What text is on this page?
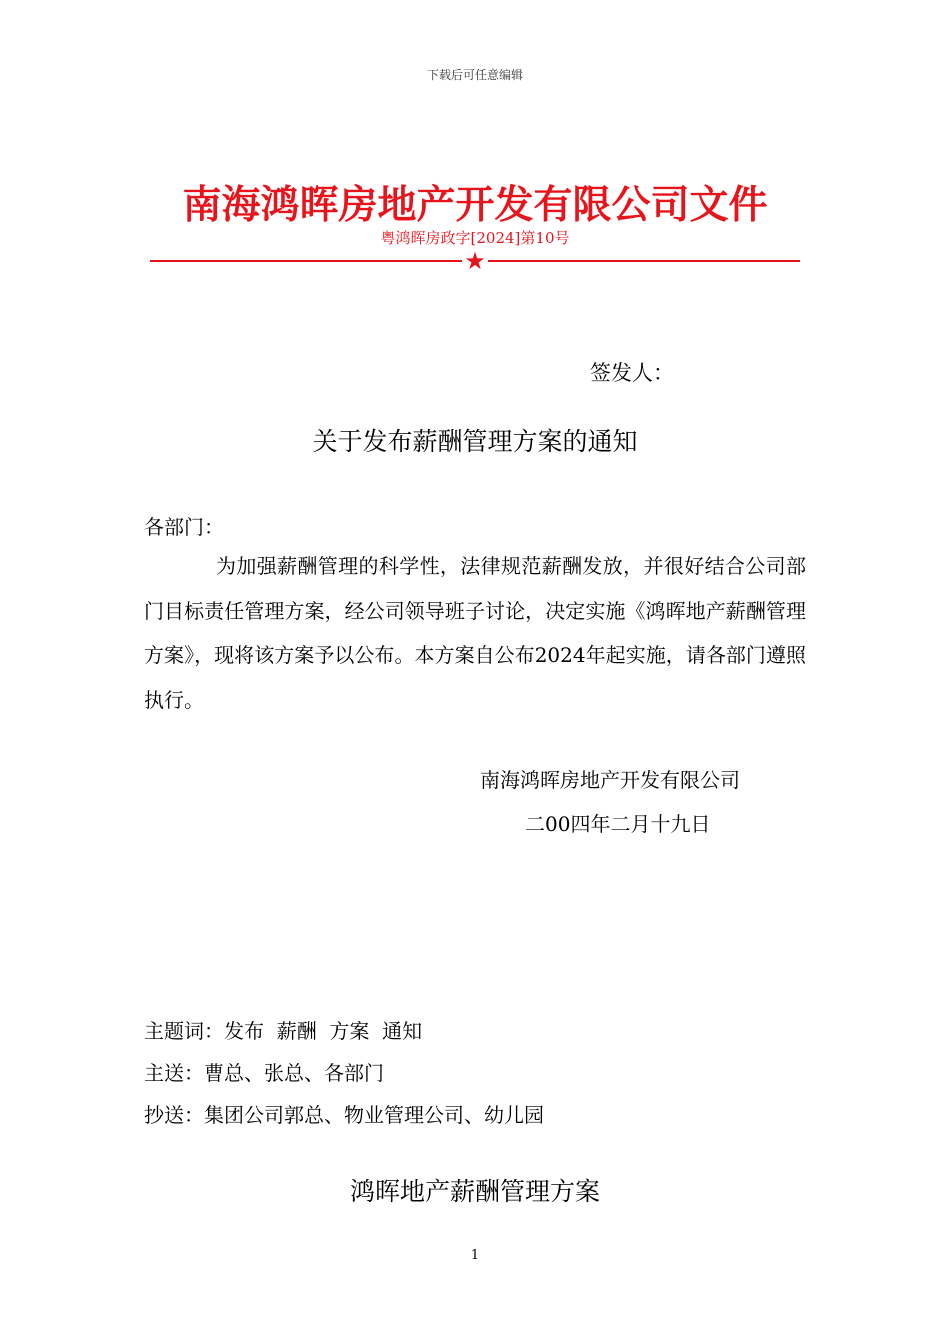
下载后可任意编辑
南海鸿晖房地产开发有限公司文件
粤鸿晖房政字[2024]第10号
★
签发人：
关于发布薪酬管理方案的通知
各部门：
为加强薪酬管理的科学性，法律规范薪酬发放，并很好结合公司部门目标责任管理方案，经公司领导班子讨论，决定实施《鸿晖地产薪酬管理方案》，现将该方案予以公布。本方案自公布2024年起实施，请各部门遵照执行。
南海鸿晖房地产开发有限公司
二00四年二月十九日
主题词：发布  薪酬  方案  通知
主送：曹总、张总、各部门
抄送：集团公司郭总、物业管理公司、幼儿园
鸿晖地产薪酬管理方案
1
